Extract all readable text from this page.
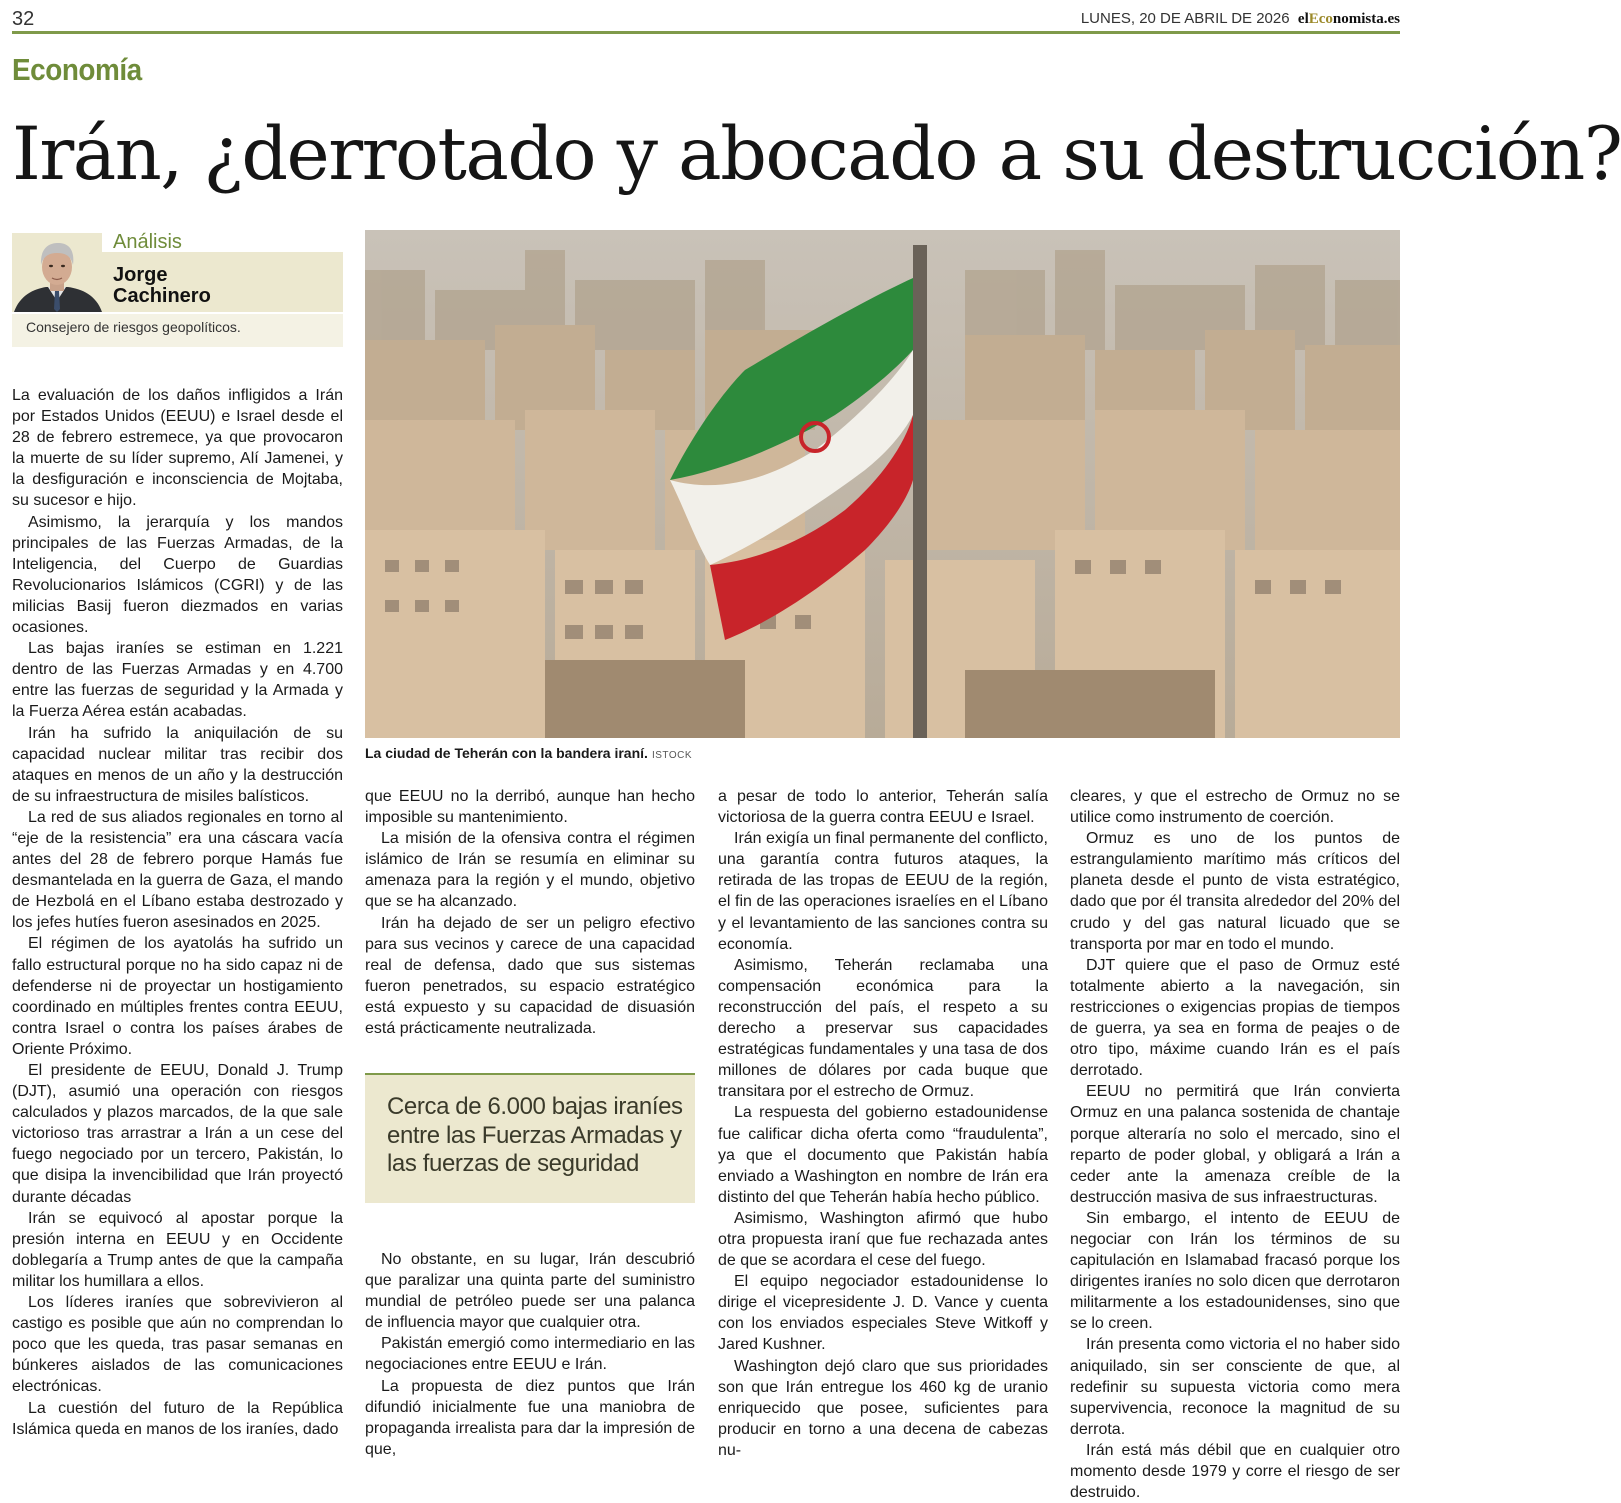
32	LUNES, 20 DE ABRIL DE 2026 elEconomista.es
Economía
Irán, ¿derrotado y abocado a su destrucción?
Análisis
Jorge
Cachinero
Consejero de riesgos geopolíticos.
La ciudad de Teherán con la bandera iraní. ISTOCK
Cerca de 6.000 bajas iraníes entre las Fuerzas Armadas y las fuerzas de seguridad

La evaluación de los daños infligidos a Irán por Estados Unidos (EEUU) e Israel desde el 28 de febrero estremece, ya que provocaron la muerte de su líder supremo, Alí Jamenei, y la desfiguración e inconsciencia de Mojtaba, su sucesor e hijo.

Asimismo, la jerarquía y los mandos principales de las Fuerzas Armadas, de la Inteligencia, del Cuerpo de Guardias Revolucionarios Islámicos (CGRI) y de las milicias Basij fueron diezmados en varias ocasiones.

Las bajas iraníes se estiman en 1.221 dentro de las Fuerzas Armadas y en 4.700 entre las fuerzas de seguridad y la Armada y la Fuerza Aérea están acabadas.

Irán ha sufrido la aniquilación de su capacidad nuclear militar tras recibir dos ataques en menos de un año y la destrucción de su infraestructura de misiles balísticos.

La red de sus aliados regionales en torno al “eje de la resistencia” era una cáscara vacía antes del 28 de febrero porque Hamás fue desmantelada en la guerra de Gaza, el mando de Hezbolá en el Líbano estaba destrozado y los jefes hutíes fueron asesinados en 2025.

El régimen de los ayatolás ha sufrido un fallo estructural porque no ha sido capaz ni de defenderse ni de proyectar un hostigamiento coordinado en múltiples frentes contra EEUU, contra Israel o contra los países árabes de Oriente Próximo.

El presidente de EEUU, Donald J. Trump (DJT), asumió una operación con riesgos calculados y plazos marcados, de la que sale victorioso tras arrastrar a Irán a un cese del fuego negociado por un tercero, Pakistán, lo que disipa la invencibilidad que Irán proyectó durante décadas

Irán se equivocó al apostar porque la presión interna en EEUU y en Occidente doblegaría a Trump antes de que la campaña militar los humillara a ellos.

Los líderes iraníes que sobrevivieron al castigo es posible que aún no comprendan lo poco que les queda, tras pasar semanas en búnkeres aislados de las comunicaciones electrónicas.

La cuestión del futuro de la República Islámica queda en manos de los iraníes, dado

que EEUU no la derribó, aunque han hecho imposible su mantenimiento.

La misión de la ofensiva contra el régimen islámico de Irán se resumía en eliminar su amenaza para la región y el mundo, objetivo que se ha alcanzado.

Irán ha dejado de ser un peligro efectivo para sus vecinos y carece de una capacidad real de defensa, dado que sus sistemas fueron penetrados, su espacio estratégico está expuesto y su capacidad de disuasión está prácticamente neutralizada.

No obstante, en su lugar, Irán descubrió que paralizar una quinta parte del suministro mundial de petróleo puede ser una palanca de influencia mayor que cualquier otra.

Pakistán emergió como intermediario en las negociaciones entre EEUU e Irán.

La propuesta de diez puntos que Irán difundió inicialmente fue una maniobra de propaganda irrealista para dar la impresión de que,

a pesar de todo lo anterior, Teherán salía victoriosa de la guerra contra EEUU e Israel.

Irán exigía un final permanente del conflicto, una garantía contra futuros ataques, la retirada de las tropas de EEUU de la región, el fin de las operaciones israelíes en el Líbano y el levantamiento de las sanciones contra su economía.

Asimismo, Teherán reclamaba una compensación económica para la reconstrucción del país, el respeto a su derecho a preservar sus capacidades estratégicas fundamentales y una tasa de dos millones de dólares por cada buque que transitara por el estrecho de Ormuz.

La respuesta del gobierno estadounidense fue calificar dicha oferta como “fraudulenta”, ya que el documento que Pakistán había enviado a Washington en nombre de Irán era distinto del que Teherán había hecho público.

Asimismo, Washington afirmó que hubo otra propuesta iraní que fue rechazada antes de que se acordara el cese del fuego.

El equipo negociador estadounidense lo dirige el vicepresidente J. D. Vance y cuenta con los enviados especiales Steve Witkoff y Jared Kushner.

Washington dejó claro que sus prioridades son que Irán entregue los 460 kg de uranio enriquecido que posee, suficientes para producir en torno a una decena de cabezas nu-

cleares, y que el estrecho de Ormuz no se utilice como instrumento de coerción.

Ormuz es uno de los puntos de estrangulamiento marítimo más críticos del planeta desde el punto de vista estratégico, dado que por él transita alrededor del 20% del crudo y del gas natural licuado que se transporta por mar en todo el mundo.

DJT quiere que el paso de Ormuz esté totalmente abierto a la navegación, sin restricciones o exigencias propias de tiempos de guerra, ya sea en forma de peajes o de otro tipo, máxime cuando Irán es el país derrotado.

EEUU no permitirá que Irán convierta Ormuz en una palanca sostenida de chantaje porque alteraría no solo el mercado, sino el reparto de poder global, y obligará a Irán a ceder ante la amenaza creíble de la destrucción masiva de sus infraestructuras.

Sin embargo, el intento de EEUU de negociar con Irán los términos de su capitulación en Islamabad fracasó porque los dirigentes iraníes no solo dicen que derrotaron militarmente a los estadounidenses, sino que se lo creen.

Irán presenta como victoria el no haber sido aniquilado, sin ser consciente de que, al redefinir su supuesta victoria como mera supervivencia, reconoce la magnitud de su derrota.

Irán está más débil que en cualquier otro momento desde 1979 y corre el riesgo de ser destruido.
